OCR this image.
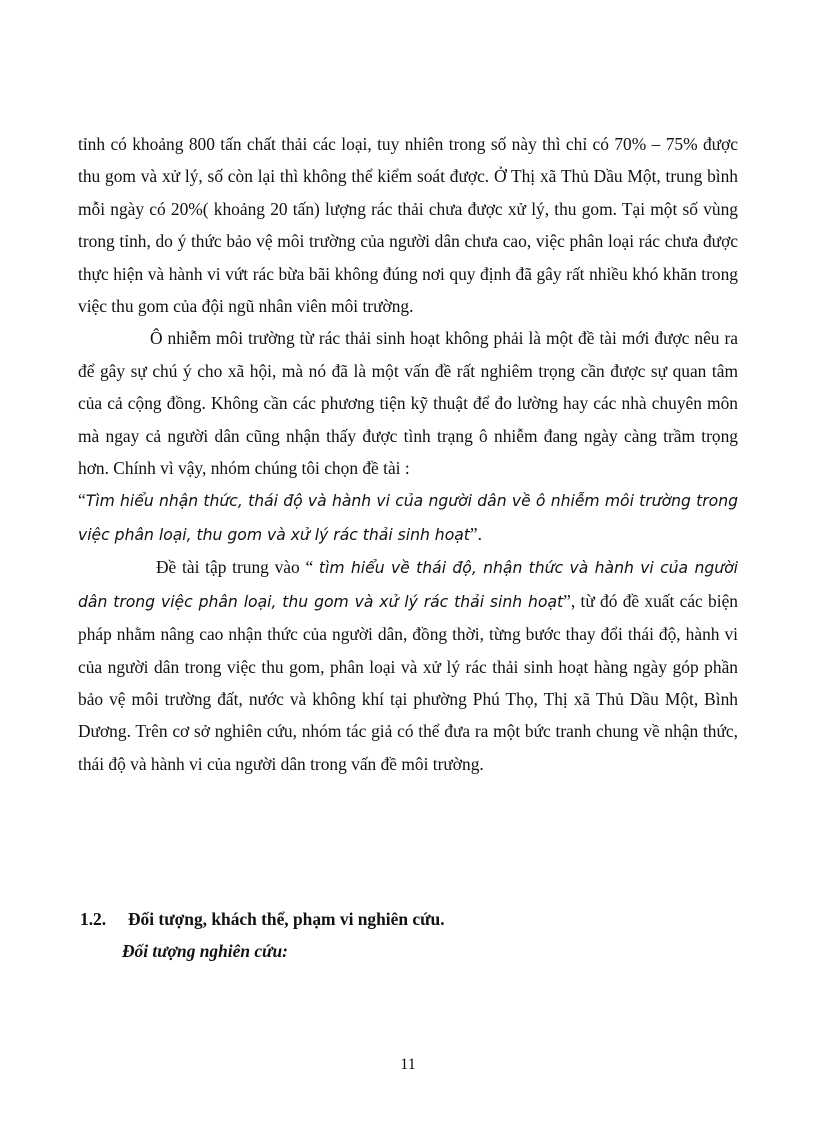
tỉnh có khoảng 800 tấn chất thải các loại, tuy nhiên trong số này thì chỉ có 70% – 75% được thu gom và xử lý, số còn lại thì không thể kiểm soát được. Ở Thị xã Thủ Dầu Một, trung bình mỗi ngày có 20%( khoảng 20 tấn) lượng rác thải chưa được xử lý, thu gom. Tại một số vùng trong tỉnh, do ý thức bảo vệ môi trường của người dân chưa cao, việc phân loại rác chưa được thực hiện và hành vi vứt rác bừa bãi không đúng nơi quy định đã gây rất nhiều khó khăn trong việc thu gom của đội ngũ nhân viên môi trường.

Ô nhiễm môi trường từ rác thải sinh hoạt không phải là một đề tài mới được nêu ra để gây sự chú ý cho xã hội, mà nó đã là một vấn đề rất nghiêm trọng cần được sự quan tâm của cả cộng đồng. Không cần các phương tiện kỹ thuật để đo lường hay các nhà chuyên môn mà ngay cả người dân cũng nhận thấy được tình trạng ô nhiễm đang ngày càng trầm trọng hơn. Chính vì vậy, nhóm chúng tôi chọn đề tài :

“Tìm hiểu nhận thức, thái độ và hành vi của người dân về ô nhiễm môi trường trong việc phân loại, thu gom và xử lý rác thải sinh hoạt”.

Đề tài tập trung vào “ tìm hiểu về thái độ, nhận thức và hành vi của người dân trong việc phân loại, thu gom và xử lý rác thải sinh hoạt”, từ đó đề xuất các biện pháp nhằm nâng cao nhận thức của người dân, đồng thời, từng bước thay đổi thái độ, hành vi của người dân trong việc thu gom, phân loại và xử lý rác thải sinh hoạt hàng ngày góp phần bảo vệ môi trường đất, nước và không khí tại phường Phú Thọ, Thị xã Thủ Dầu Một, Bình Dương. Trên cơ sở nghiên cứu, nhóm tác giả có thể đưa ra một bức tranh chung về nhận thức, thái độ và hành vi của người dân trong vấn đề môi trường.

1.2. Đối tượng, khách thể, phạm vi nghiên cứu.
Đối tượng nghiên cứu:
11
